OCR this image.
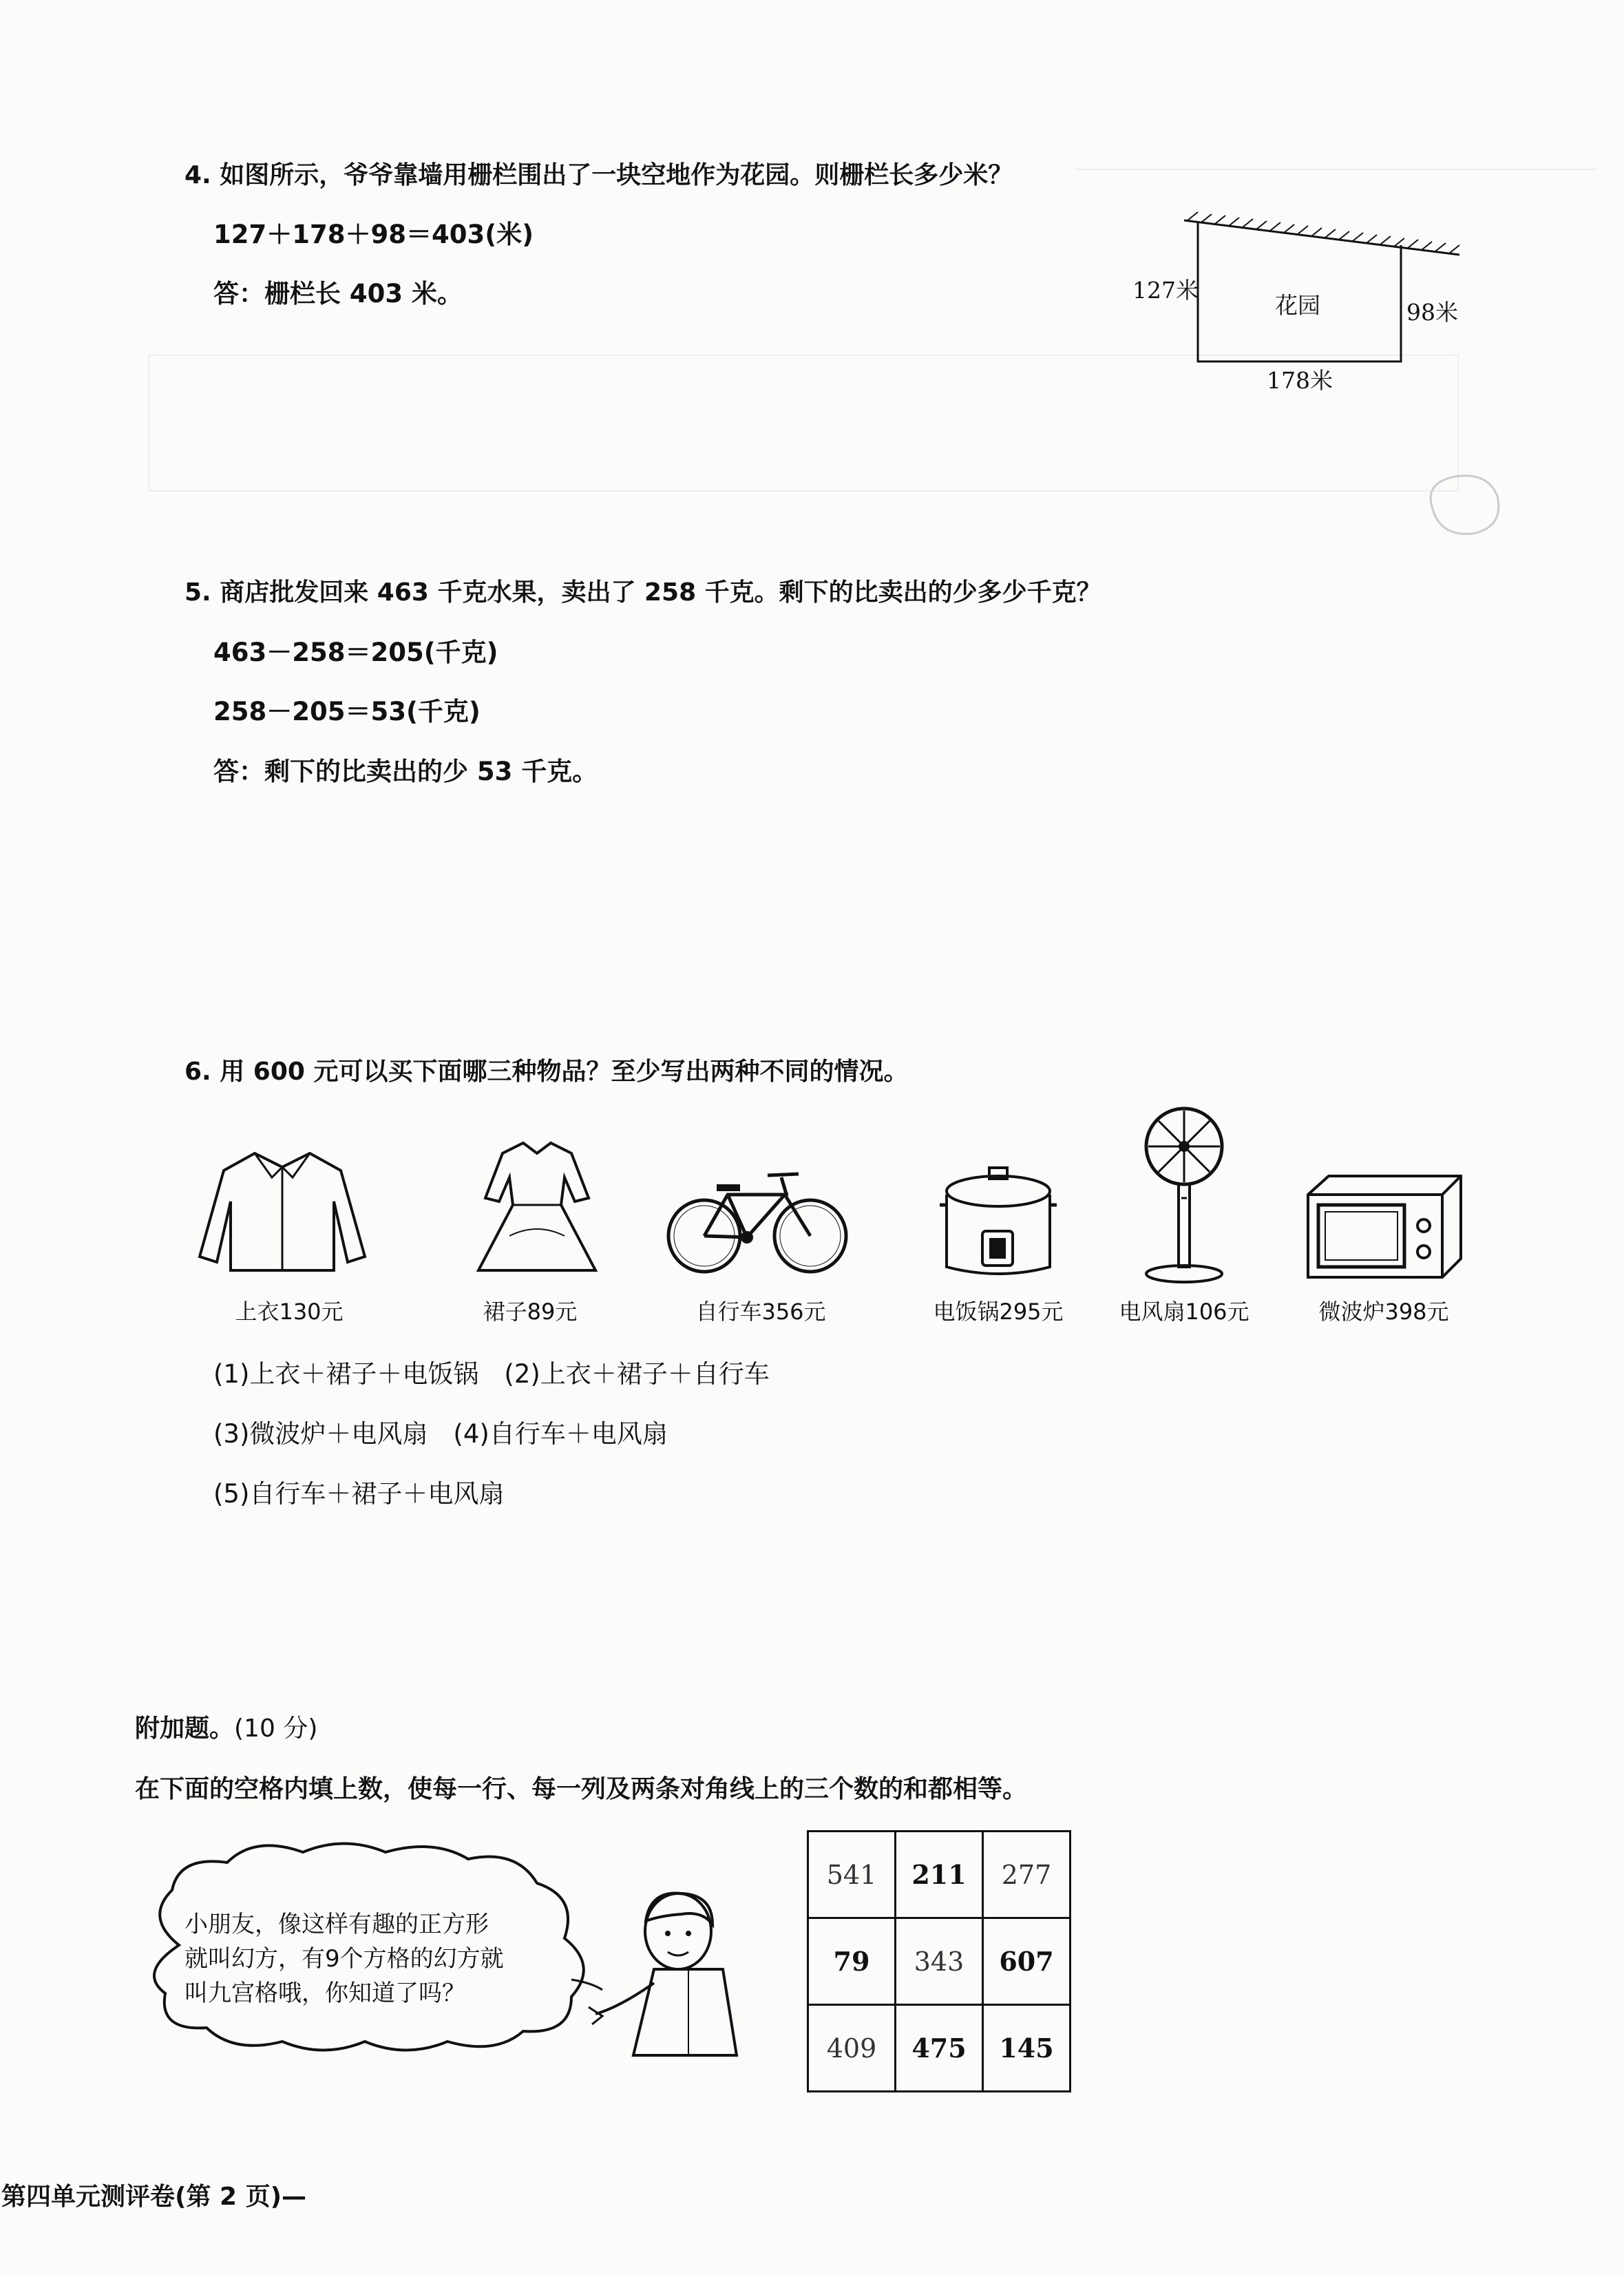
4. 如图所示，爷爷靠墙用栅栏围出了一块空地作为花园。则栅栏长多少米？
127＋178＋98＝403(米)
答：栅栏长 403 米。	127米
花园	98米
178米
5. 商店批发回来 463 千克水果，卖出了 258 千克。剩下的比卖出的少多少千克？
463－258＝205(千克)
258－205＝53(千克)
答：剩下的比卖出的少 53 千克。
6. 用 600 元可以买下面哪三种物品？至少写出两种不同的情况。
上衣130元	裙子89元	自行车356元	电饭锅295元	电风扇106元	微波炉398元
(1)上衣＋裙子＋电饭锅　(2)上衣＋裙子＋自行车
(3)微波炉＋电风扇　(4)自行车＋电风扇
(5)自行车＋裙子＋电风扇
附加题。(10 分)
在下面的空格内填上数，使每一行、每一列及两条对角线上的三个数的和都相等。
小朋友，像这样有趣的正方形
就叫幻方，有9个方格的幻方就
叫九宫格哦，你知道了吗？
541	211	277
79	343	607
409	475	145
第四单元测评卷(第 2 页)—
